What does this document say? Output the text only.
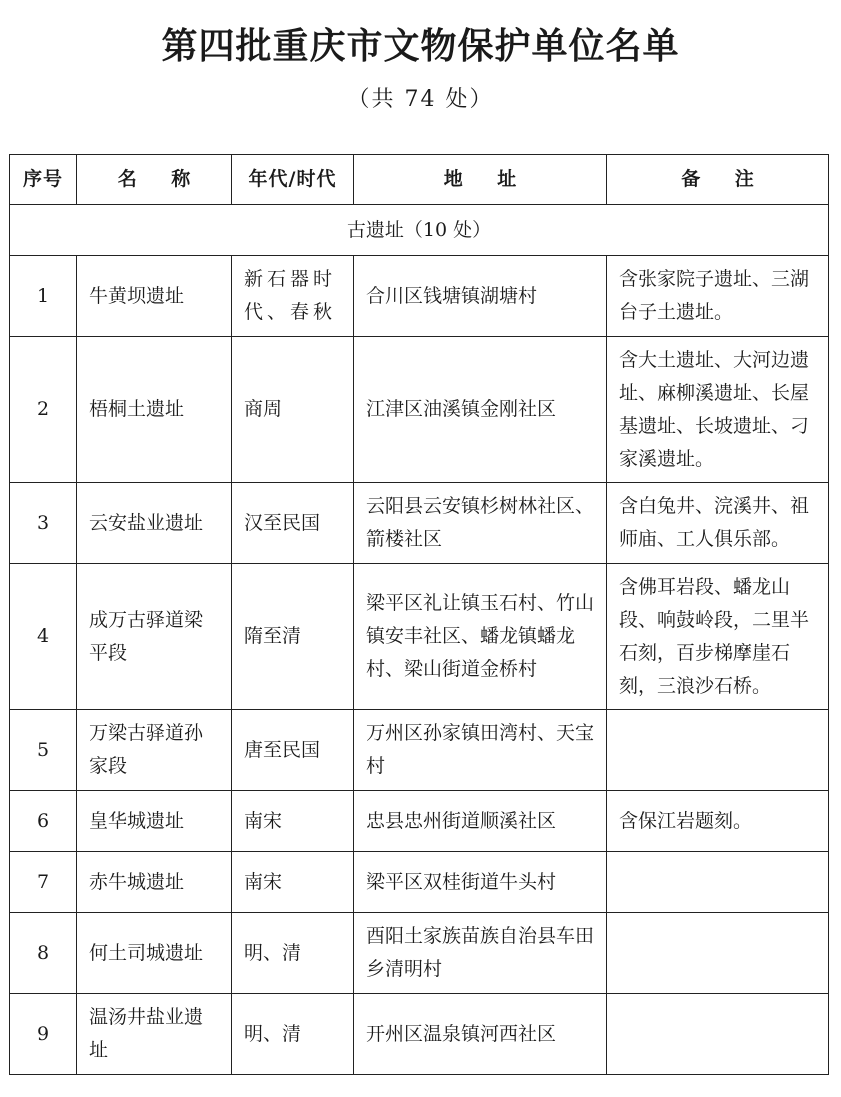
第四批重庆市文物保护单位名单
（共 74 处）
序号	名 称	年代/时代	地 址	备 注
古遗址（10 处）				
1	牛黄坝遗址	新石器时代、春秋	合川区钱塘镇湖塘村	含张家院子遗址、三湖台子土遗址。
2	梧桐土遗址	商周	江津区油溪镇金刚社区	含大土遗址、大河边遗址、麻柳溪遗址、长屋基遗址、长坡遗址、刁家溪遗址。
3	云安盐业遗址	汉至民国	云阳县云安镇杉树林社区、箭楼社区	含白兔井、浣溪井、祖师庙、工人俱乐部。
4	成万古驿道梁平段	隋至清	梁平区礼让镇玉石村、竹山镇安丰社区、蟠龙镇蟠龙村、梁山街道金桥村	含佛耳岩段、蟠龙山段、响鼓岭段，二里半石刻，百步梯摩崖石刻，三浪沙石桥。
5	万梁古驿道孙家段	唐至民国	万州区孙家镇田湾村、天宝村	
6	皇华城遗址	南宋	忠县忠州街道顺溪社区	含保江岩题刻。
7	赤牛城遗址	南宋	梁平区双桂街道牛头村	
8	何土司城遗址	明、清	酉阳土家族苗族自治县车田乡清明村	
9	温汤井盐业遗址	明、清	开州区温泉镇河西社区	
